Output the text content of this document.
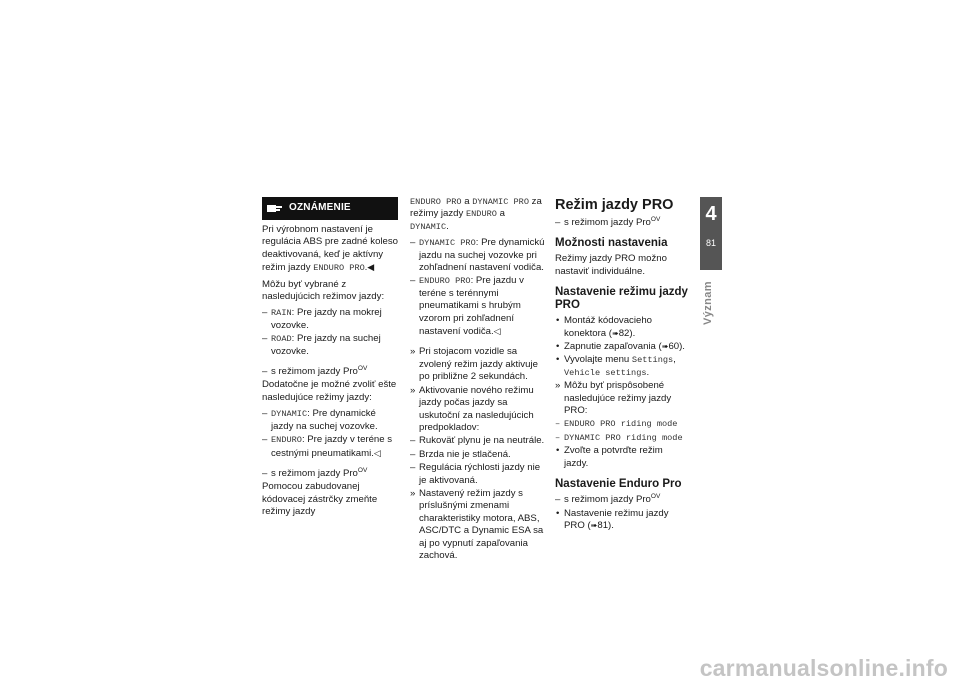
OZNÁMENIE

Pri výrobnom nastavení je regulácia ABS pre zadné koleso deaktivovaná, keď je aktívny režim jazdy ENDURO PRO.◀

Môžu byť vybrané z nasledujúcich režimov jazdy:

– RAIN: Pre jazdy na mokrej vozovke.
– ROAD: Pre jazdy na suchej vozovke.
– s režimom jazdy Pro$^{OV}$

Dodatočne je možné zvoliť ešte nasledujúce režimy jazdy:

– DYNAMIC: Pre dynamické jazdy na suchej vozovke.
– ENDURO: Pre jazdy v teréne s cestnými pneumatikami.◁
– s režimom jazdy Pro$^{OV}$

Pomocou zabudovanej kódovacej zástrčky zmeňte režimy jazdy

ENDURO PRO a DYNAMIC PRO za režimy jazdy ENDURO a DYNAMIC.

– DYNAMIC PRO: Pre dynamickú jazdu na suchej vozovke pri zohľadnení nastavení vodiča.
– ENDURO PRO: Pre jazdu v teréne s terénnymi pneumatikami s hrubým vzorom pri zohľadnení nastavení vodiča.◁
» Pri stojacom vozidle sa zvolený režim jazdy aktivuje po približne 2 sekundách.
» Aktivovanie nového režimu jazdy počas jazdy sa uskutoční za nasledujúcich predpokladov:
– Rukoväť plynu je na neutrále.
– Brzda nie je stlačená.
– Regulácia rýchlosti jazdy nie je aktivovaná.
» Nastavený režim jazdy s príslušnými zmenami charakteristiky motora, ABS, ASC/DTC a Dynamic ESA sa aj po vypnutí zapaľovania zachová.
Režim jazdy PRO
– s režimom jazdy Pro$^{OV}$
Možnosti nastavenia

Režimy jazdy PRO možno nastaviť individuálne.

Nastavenie režimu jazdy PRO
• Montáž kódovacieho konektora (➠82).
• Zapnutie zapaľovania (➠60).
• Vyvolajte menu Settings, Vehicle settings.
» Môžu byť prispôsobené nasledujúce režimy jazdy PRO:
– ENDURO PRO riding mode
– DYNAMIC PRO riding mode
• Zvoľte a potvrďte režim jazdy.
Nastavenie Enduro Pro
– s režimom jazdy Pro$^{OV}$
• Nastavenie režimu jazdy PRO (➠81).
4
81
Význam
carmanualsonline.info
